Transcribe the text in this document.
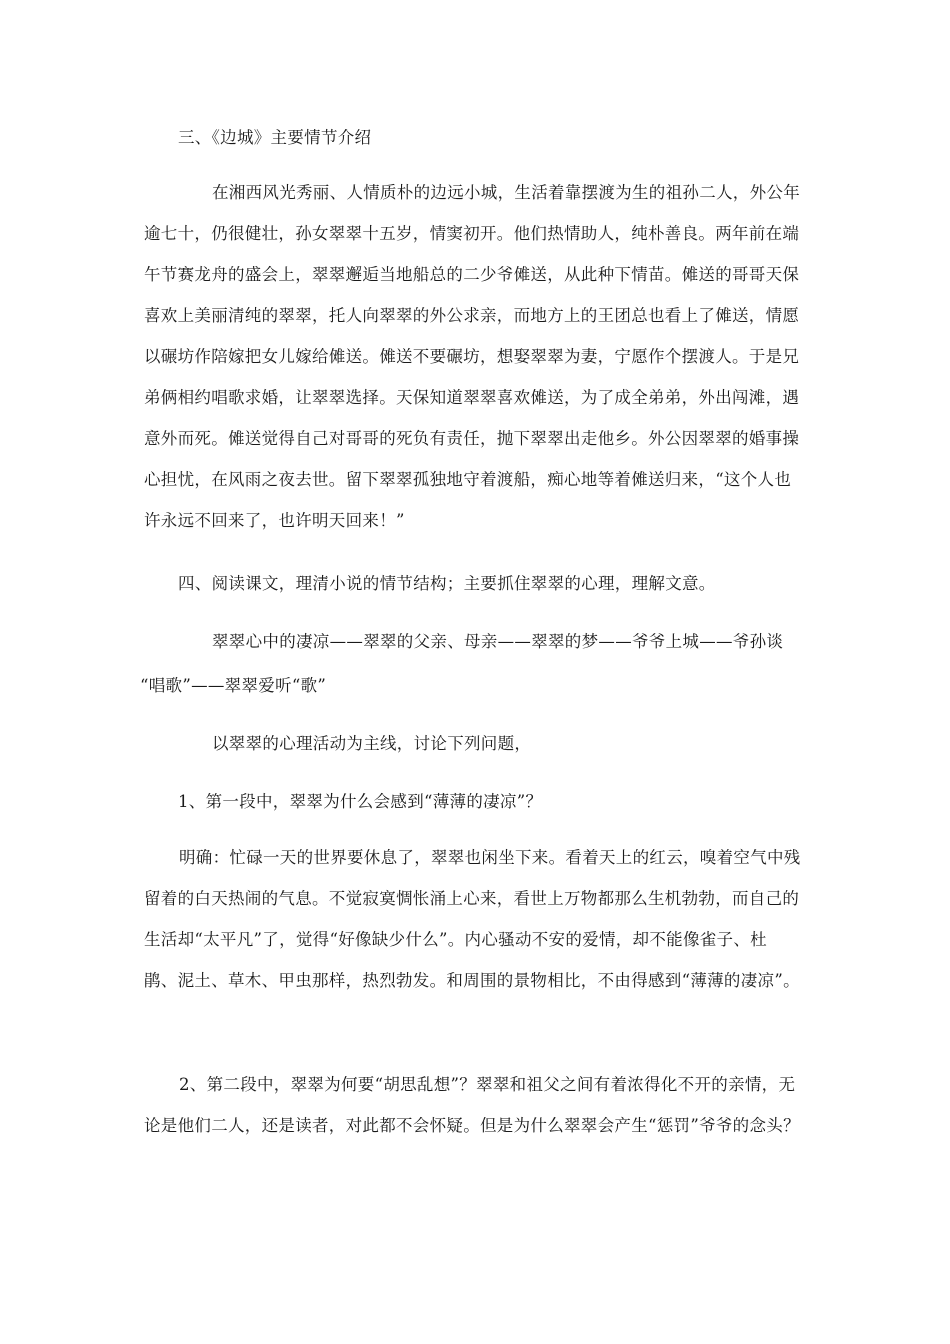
三、《边城》主要情节介绍
在湘西风光秀丽、人情质朴的边远小城，生活着靠摆渡为生的祖孙二人，外公年
逾七十，仍很健壮，孙女翠翠十五岁，情窦初开。他们热情助人，纯朴善良。两年前在端
午节赛龙舟的盛会上，翠翠邂逅当地船总的二少爷傩送，从此种下情苗。傩送的哥哥天保
喜欢上美丽清纯的翠翠，托人向翠翠的外公求亲，而地方上的王团总也看上了傩送，情愿
以碾坊作陪嫁把女儿嫁给傩送。傩送不要碾坊，想娶翠翠为妻，宁愿作个摆渡人。于是兄
弟俩相约唱歌求婚，让翠翠选择。天保知道翠翠喜欢傩送，为了成全弟弟，外出闯滩，遇
意外而死。傩送觉得自己对哥哥的死负有责任，抛下翠翠出走他乡。外公因翠翠的婚事操
心担忧，在风雨之夜去世。留下翠翠孤独地守着渡船，痴心地等着傩送归来，“这个人也
许永远不回来了，也许明天回来！”
四、阅读课文，理清小说的情节结构；主要抓住翠翠的心理，理解文意。
翠翠心中的凄凉——翠翠的父亲、母亲——翠翠的梦——爷爷上城——爷孙谈
“唱歌”——翠翠爱听“歌”
以翠翠的心理活动为主线，讨论下列问题，
1、第一段中，翠翠为什么会感到“薄薄的凄凉”？
明确：忙碌一天的世界要休息了，翠翠也闲坐下来。看着天上的红云，嗅着空气中残
留着的白天热闹的气息。不觉寂寞惆怅涌上心来，看世上万物都那么生机勃勃，而自己的
生活却“太平凡”了，觉得“好像缺少什么”。内心骚动不安的爱情，却不能像雀子、杜
鹃、泥土、草木、甲虫那样，热烈勃发。和周围的景物相比，不由得感到“薄薄的凄凉”。
2、第二段中，翠翠为何要“胡思乱想”？翠翠和祖父之间有着浓得化不开的亲情，无
论是他们二人，还是读者，对此都不会怀疑。但是为什么翠翠会产生“惩罚”爷爷的念头？
